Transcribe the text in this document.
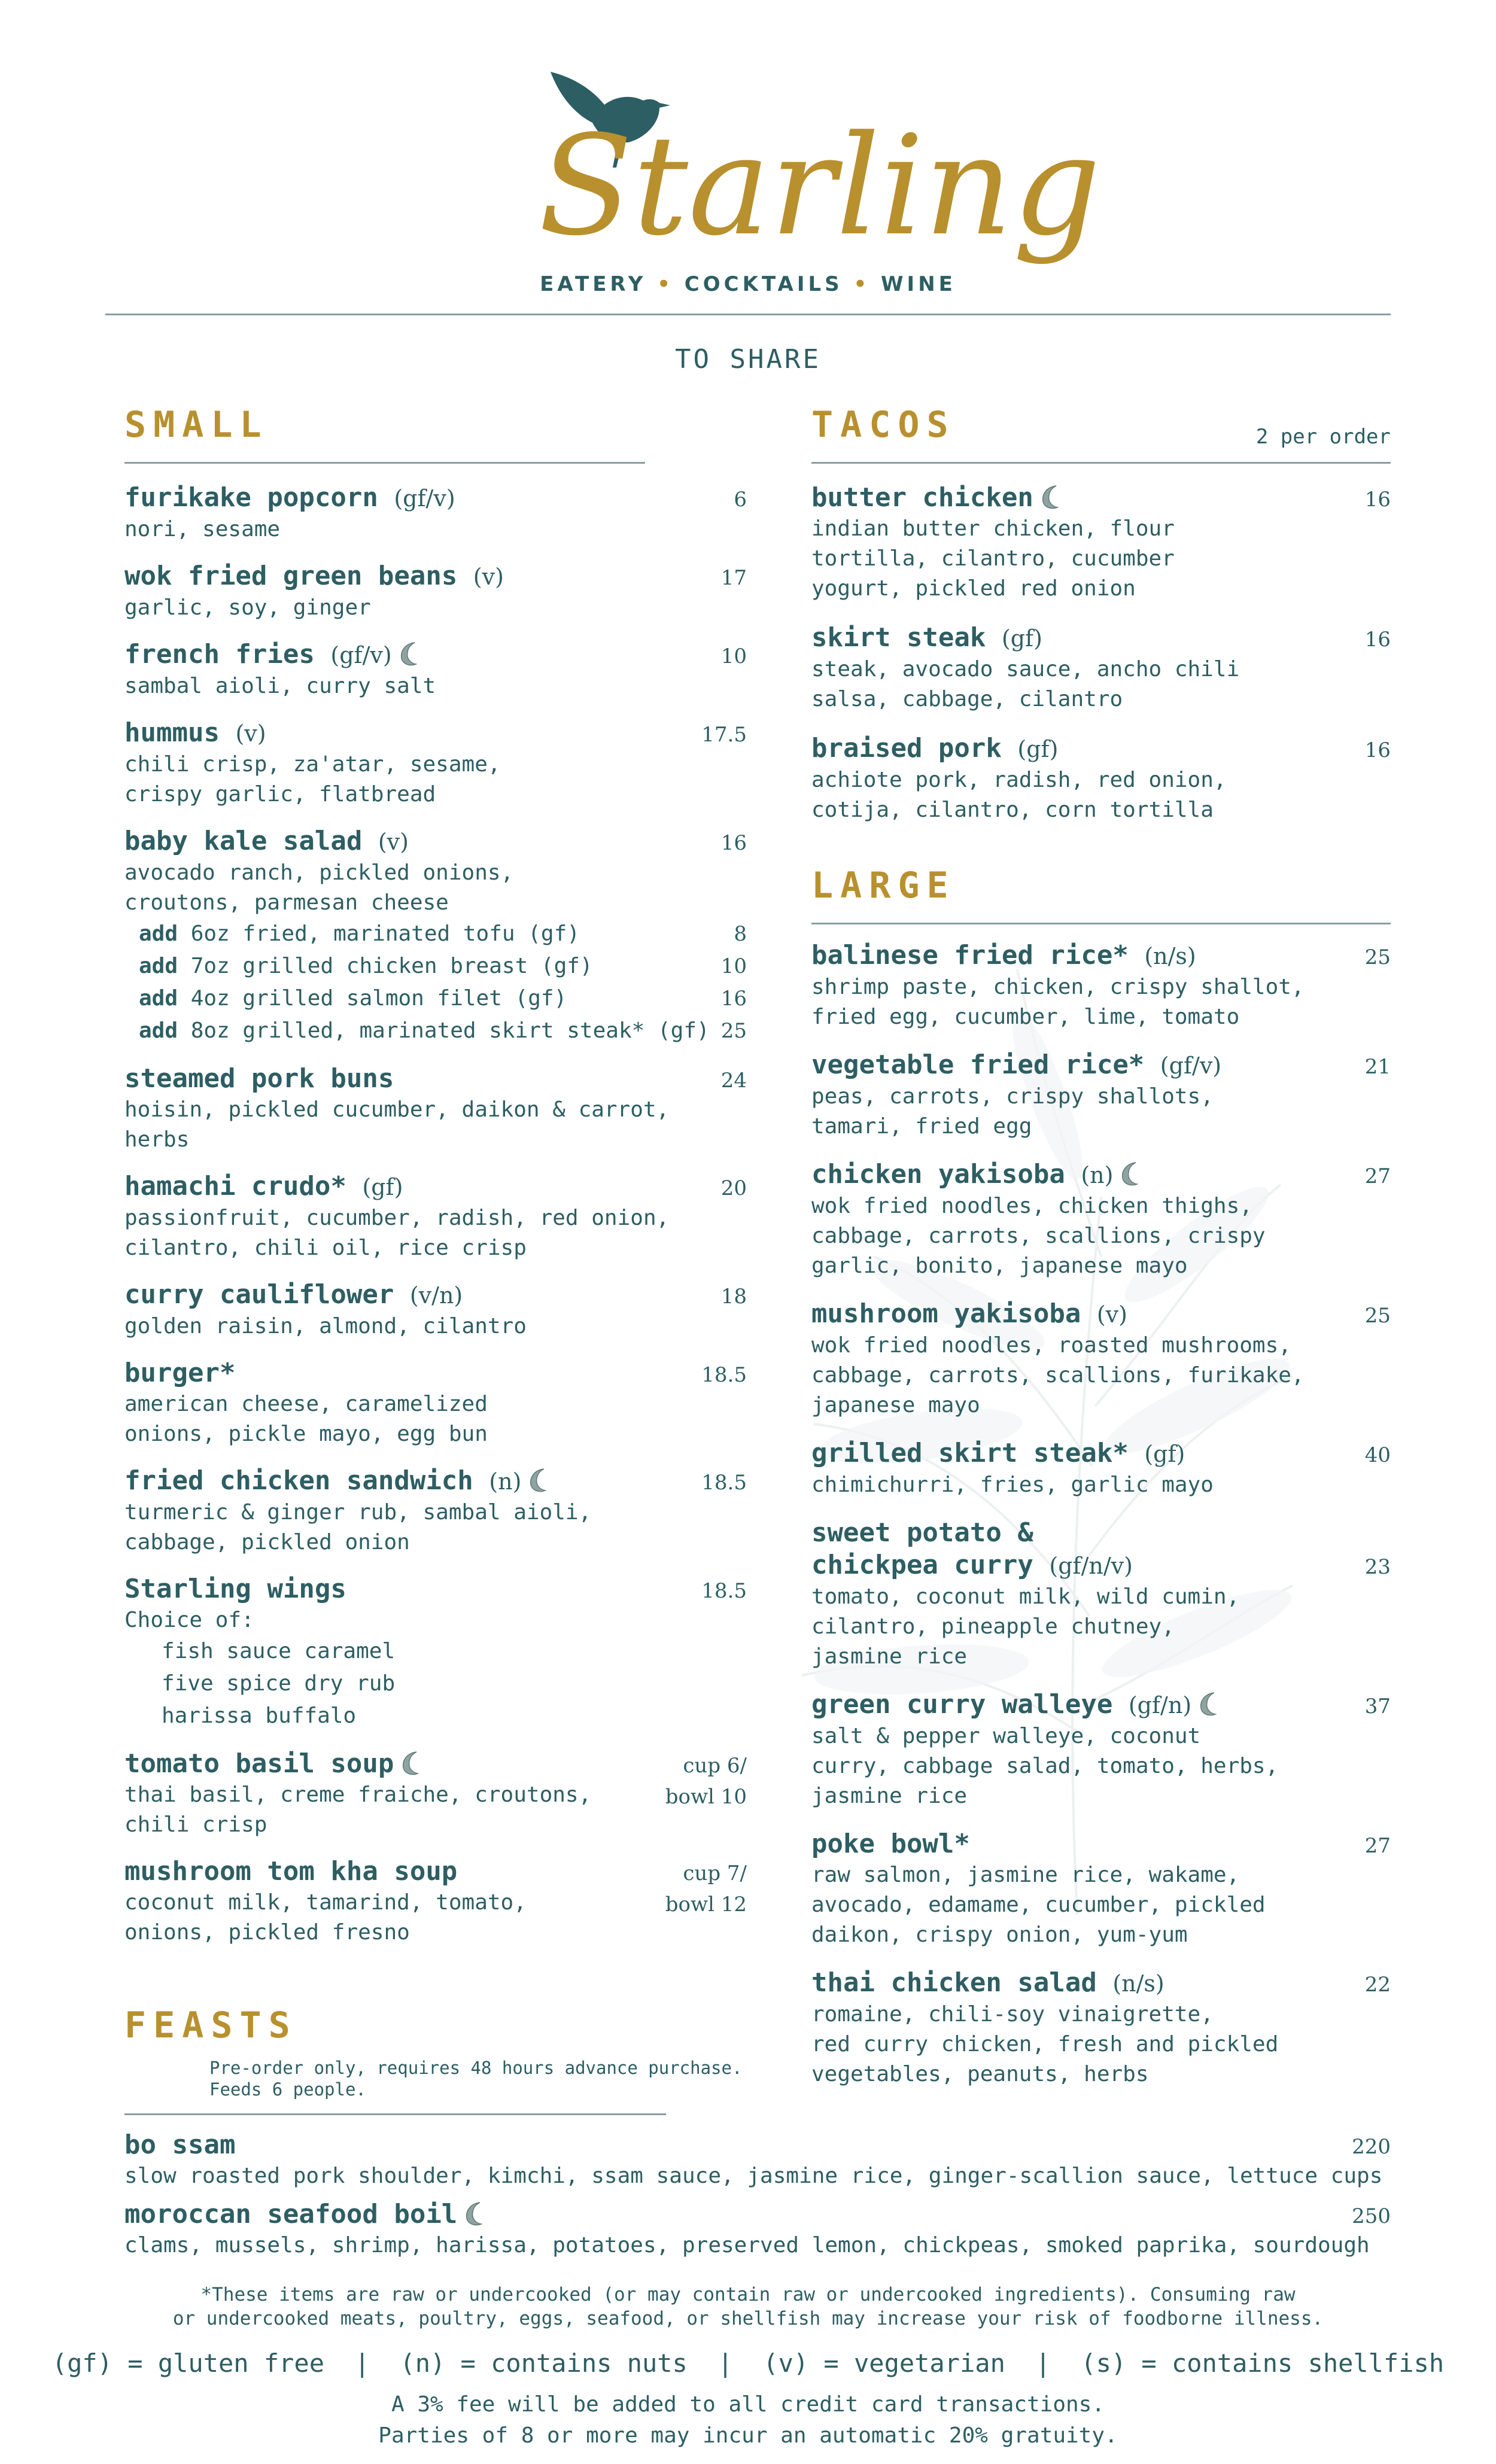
Starling
EATERY • COCKTAILS • WINE
TO SHARE
SMALL	TACOS	2 per order
LARGE
FEASTS
Pre-order only, requires 48 hours advance purchase.
Feeds 6 people.
furikake popcorn (gf/v)	6
nori, sesame
wok fried green beans (v)	17
garlic, soy, ginger
french fries (gf/v)	10
sambal aioli, curry salt
hummus (v)	17.5
chili crisp, za'atar, sesame,
crispy garlic, flatbread
baby kale salad (v)	16
avocado ranch, pickled onions,
croutons, parmesan cheese
add 6oz fried, marinated tofu (gf)	8
add 7oz grilled chicken breast (gf)	10
add 4oz grilled salmon filet (gf)	16
add 8oz grilled, marinated skirt steak* (gf) 25
steamed pork buns	24
hoisin, pickled cucumber, daikon & carrot, herbs
hamachi crudo* (gf)	20
passionfruit, cucumber, radish, red onion,
cilantro, chili oil, rice crisp
curry cauliflower (v/n)	18
golden raisin, almond, cilantro
burger*	18.5
american cheese, caramelized
onions, pickle mayo, egg bun
fried chicken sandwich (n)	18.5
turmeric & ginger rub, sambal aioli,
cabbage, pickled onion
Starling wings	18.5
Choice of:
fish sauce caramel
five spice dry rub
harissa buffalo
tomato basil soup	cup 6/
bowl 10
thai basil, creme fraiche, croutons,
chili crisp
mushroom tom kha soup	cup 7/
bowl 12
coconut milk, tamarind, tomato,
onions, pickled fresno
butter chicken	16
indian butter chicken, flour
tortilla, cilantro, cucumber
yogurt, pickled red onion
skirt steak (gf)	16
steak, avocado sauce, ancho chili
salsa, cabbage, cilantro
braised pork (gf)	16
achiote pork, radish, red onion,
cotija, cilantro, corn tortilla
balinese fried rice* (n/s)	25
shrimp paste, chicken, crispy shallot,
fried egg, cucumber, lime, tomato
vegetable fried rice* (gf/v)	21
peas, carrots, crispy shallots,
tamari, fried egg
chicken yakisoba (n)	27
wok fried noodles, chicken thighs,
cabbage, carrots, scallions, crispy
garlic, bonito, japanese mayo
mushroom yakisoba (v)	25
wok fried noodles, roasted mushrooms,
cabbage, carrots, scallions, furikake,
japanese mayo
grilled skirt steak* (gf)	40
chimichurri, fries, garlic mayo
sweet potato &
chickpea curry (gf/n/v)	23
tomato, coconut milk, wild cumin,
cilantro, pineapple chutney,
jasmine rice
green curry walleye (gf/n)	37
salt & pepper walleye, coconut
curry, cabbage salad, tomato, herbs,
jasmine rice
poke bowl*	27
raw salmon, jasmine rice, wakame,
avocado, edamame, cucumber, pickled
daikon, crispy onion, yum-yum
thai chicken salad (n/s)	22
romaine, chili-soy vinaigrette,
red curry chicken, fresh and pickled
vegetables, peanuts, herbs
bo ssam	220
slow roasted pork shoulder, kimchi, ssam sauce, jasmine rice, ginger-scallion sauce, lettuce cups
moroccan seafood boil	250
clams, mussels, shrimp, harissa, potatoes, preserved lemon, chickpeas, smoked paprika, sourdough
*These items are raw or undercooked (or may contain raw or undercooked ingredients). Consuming raw
or undercooked meats, poultry, eggs, seafood, or shellfish may increase your risk of foodborne illness.
(gf) = gluten free  |  (n) = contains nuts  |  (v) = vegetarian  |  (s) = contains shellfish
A 3% fee will be added to all credit card transactions.
Parties of 8 or more may incur an automatic 20% gratuity.
